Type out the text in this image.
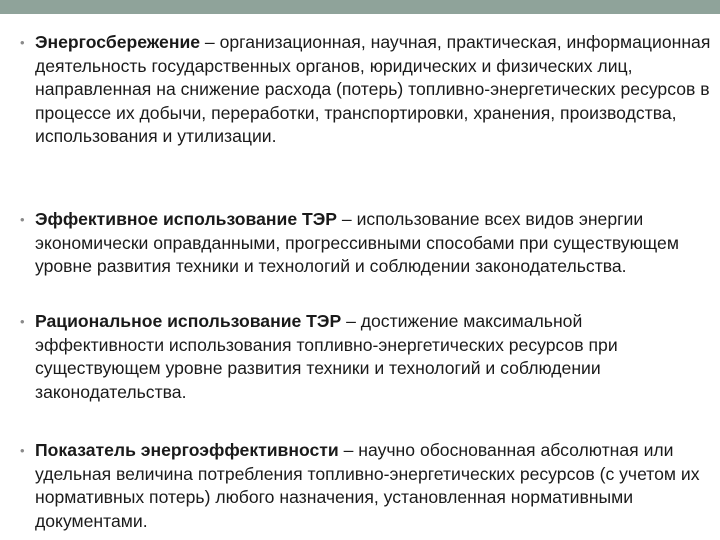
• Энергосбережение – организационная, научная, практическая, информационная деятельность государственных органов, юридических и физических лиц, направленная на снижение расхода (потерь) топливно-энергетических ресурсов в процессе их добычи, переработки, транспортировки, хранения, производства, использования и утилизации.

• Эффективное использование ТЭР – использование всех видов энергии экономически оправданными, прогрессивными способами при существующем уровне развития техники и технологий и соблюдении законодательства.

• Рациональное использование ТЭР – достижение максимальной эффективности использования топливно-энергетических ресурсов при существующем уровне развития техники и технологий и соблюдении законодательства.

• Показатель энергоэффективности – научно обоснованная абсолютная или удельная величина потребления топливно-энергетических ресурсов (с учетом их нормативных потерь) любого назначения, установленная нормативными документами.
